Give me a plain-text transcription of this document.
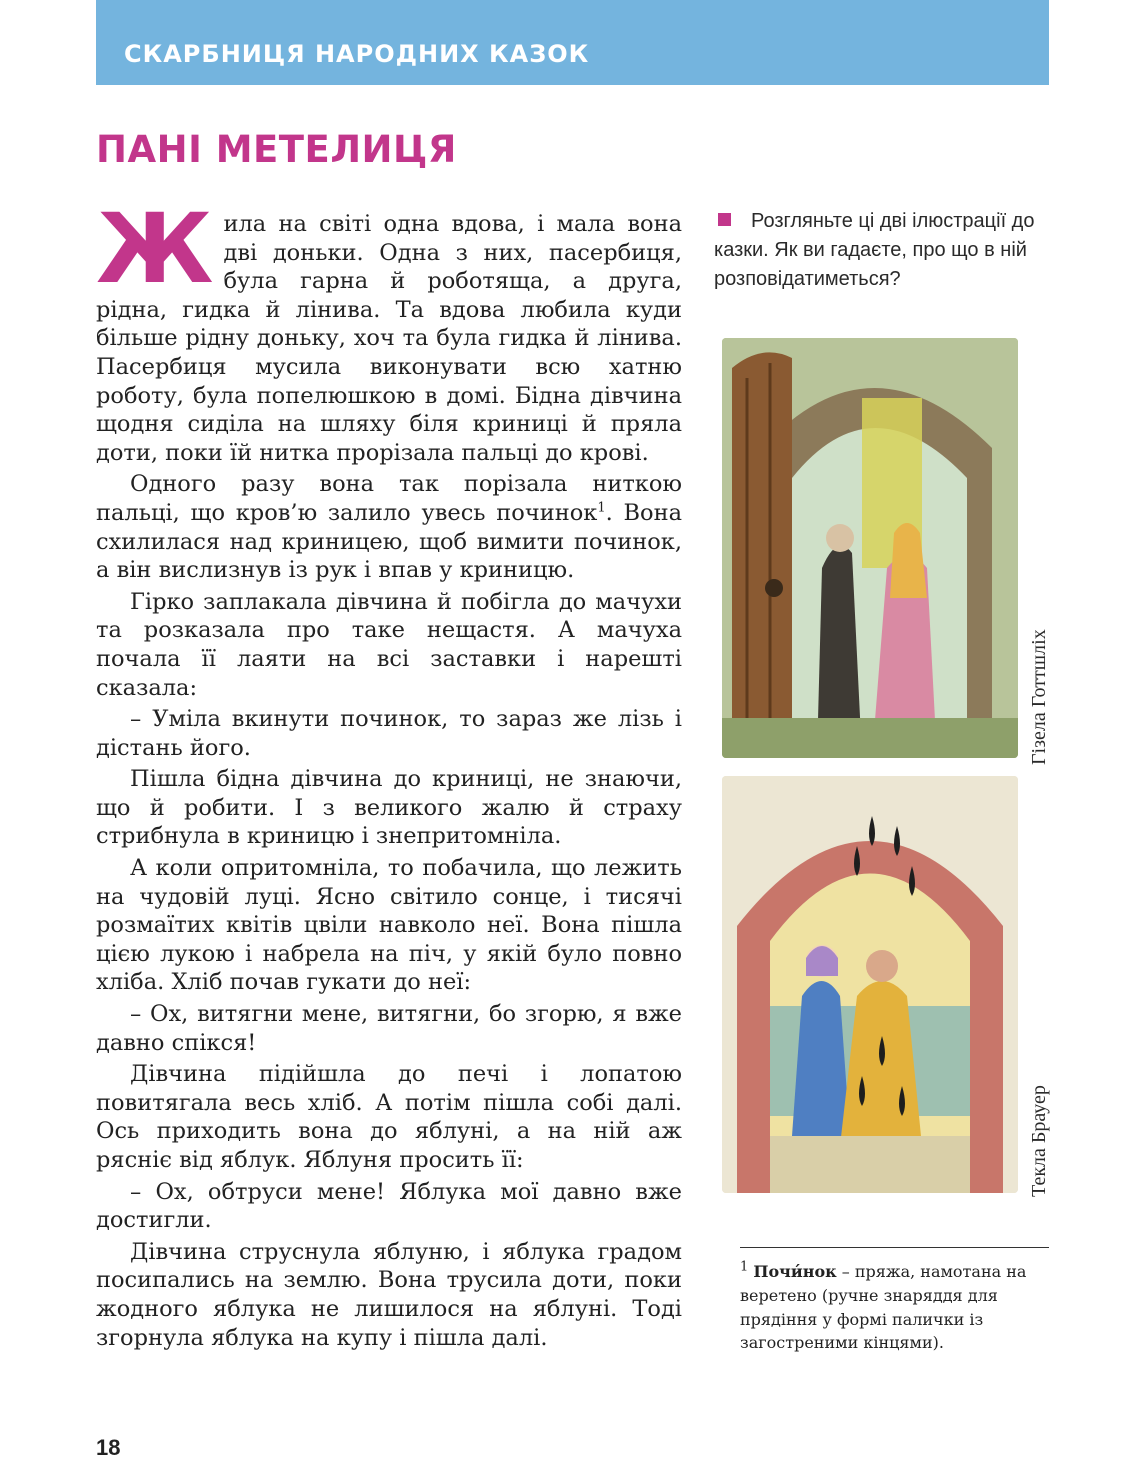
СКАРБНИЦЯ НАРОДНИХ КАЗОК
ПАНІ МЕТЕЛИЦЯ

Жила на світі одна вдова, і мала вона дві доньки. Одна з них, пасербиця, була гарна й роботяща, а друга, рідна, гидка й лінива. Та вдова любила куди більше рідну доньку, хоч та була гидка й лінива. Пасербиця мусила виконувати всю хатню роботу, була попелюшкою в домі. Бідна дівчина щодня сиділа на шляху біля криниці й пряла доти, поки їй нитка прорізала пальці до крові.

Одного разу вона так порізала ниткою пальці, що кров’ю залило увесь починок$^1$. Вона схилилася над криницею, щоб вимити починок, а він вислизнув із рук і впав у криницю.

Гірко заплакала дівчина й побігла до мачухи та розказала про таке нещастя. А мачуха почала її лаяти на всі заставки і нарешті сказала:

– Уміла вкинути починок, то зараз же лізь і дістань його.

Пішла бідна дівчина до криниці, не знаючи, що й робити. І з великого жалю й страху стрибнула в криницю і знепритомніла.

А коли опритомніла, то побачила, що лежить на чудовій луці. Ясно світило сонце, і тисячі розмаїтих квітів цвіли навколо неї. Вона пішла цією лукою і набрела на піч, у якій було повно хліба. Хліб почав гукати до неї:

– Ох, витягни мене, витягни, бо згорю, я вже давно спікся!

Дівчина підійшла до печі і лопатою повитягала весь хліб. А потім пішла собі далі. Ось приходить вона до яблуні, а на ній аж рясніє від яблук. Яблуня просить її:

– Ох, обтруси мене! Яблука мої давно вже достигли.

Дівчина струснула яблуню, і яблука градом посипались на землю. Вона трусила доти, поки жодного яблука не лишилося на яблуні. Тоді згорнула яблука на купу і пішла далі.

Розгляньте ці дві ілюстрації до казки. Як ви гадаєте, про що в ній розповідатиметься?
Гізела Готтшліх
Текла Брауер
$^1$ Почи́нок – пряжа, намотана на веретено (ручне знаряддя для прядіння у формі палички із загостреними кінцями).
18
